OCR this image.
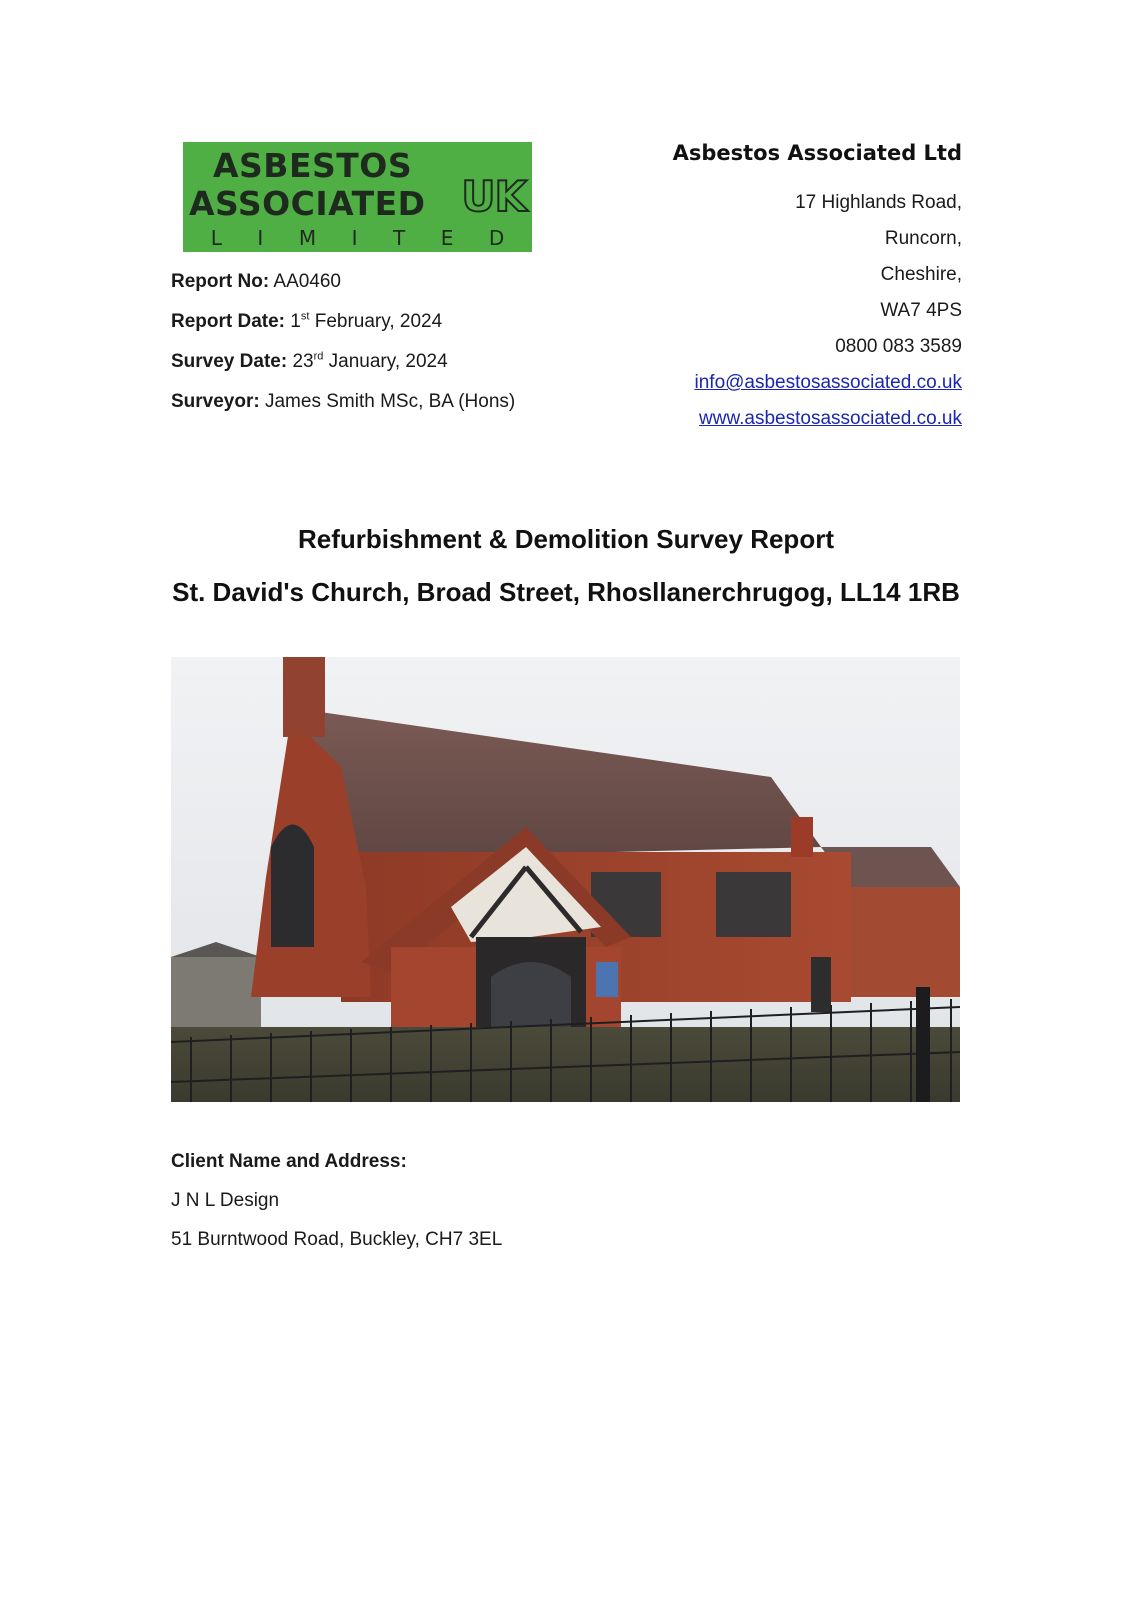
ASBESTOS
ASSOCIATED UK
L I M I T E D
Asbestos Associated Ltd
17 Highlands Road,
Runcorn,
Cheshire,
WA7 4PS
0800 083 3589
info@asbestosassociated.co.uk
www.asbestosassociated.co.uk
Report No: AA0460
Report Date: 1st February, 2024
Survey Date: 23rd January, 2024
Surveyor: James Smith MSc, BA (Hons)
Refurbishment & Demolition Survey Report
St. David's Church, Broad Street, Rhosllanerchrugog, LL14 1RB
Client Name and Address:
J N L Design
51 Burntwood Road, Buckley, CH7 3EL
